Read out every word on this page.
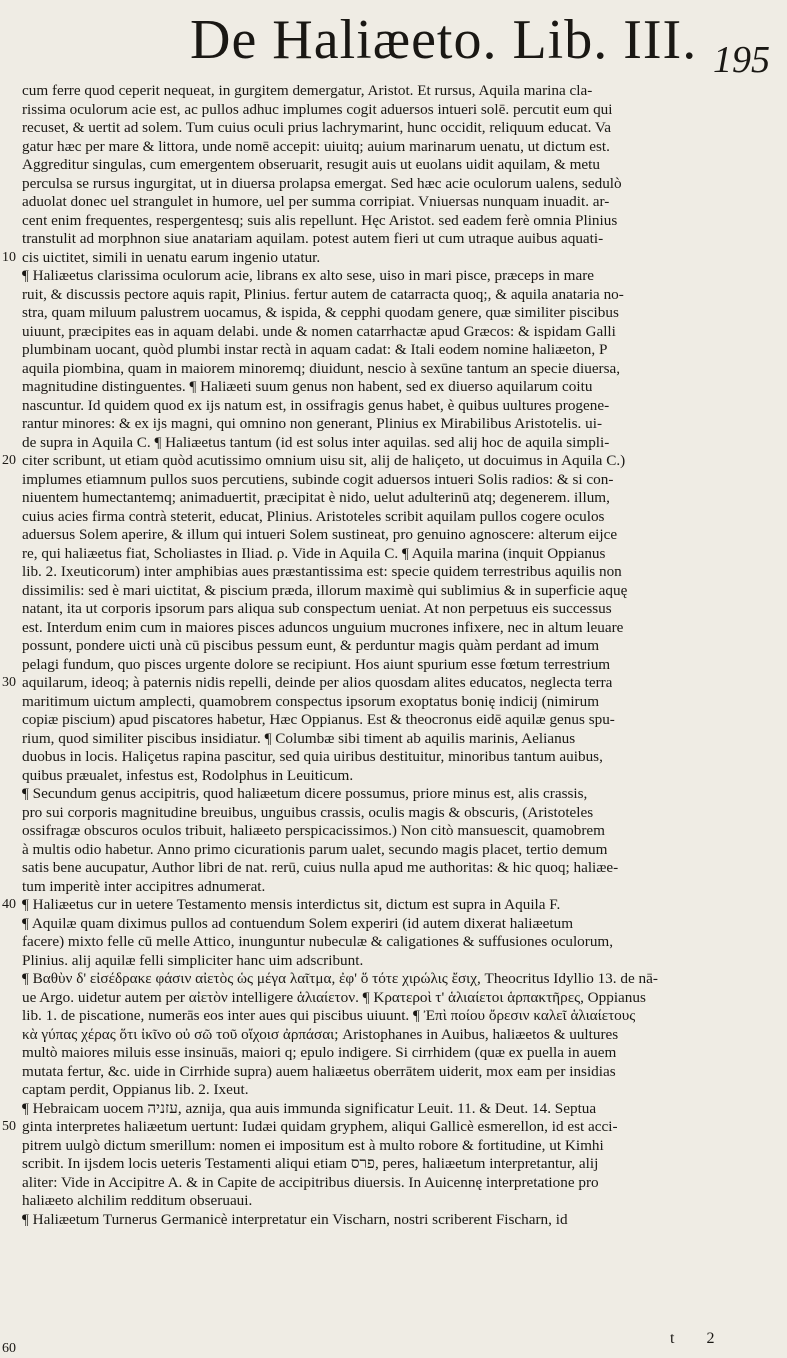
De Haliæeto. Lib. III. 195
cum ferre quod ceperit nequeat, in gurgitem demergatur, Aristot. Et rursus, Aquila marina cla-
rissima oculorum acie est, ac pullos adhuc implumes cogit aduersos intueri solē. percutit eum qui
recuset, & uertit ad solem. Tum cuius oculi prius lachrymarint, hunc occidit, reliquum educat. Va
gatur hæc per mare & littora, unde nomē accepit: uiuitq; auium marinarum uenatu, ut dictum est.
Aggreditur singulas, cum emergentem obseruarit, resugit auis ut euolans uidit aquilam, & metu
perculsa se rursus ingurgitat, ut in diuersa prolapsa emergat. Sed hæc acie oculorum ualens, sedulò
aduolat donec uel strangulet in humore, uel per summa corripiat. Vniuersas nunquam inuadit. ar-
cent enim frequentes, respergentesq; suis alis repellunt. Hęc Aristot. sed eadem ferè omnia Plinius
transtulit ad morphnon siue anatariam aquilam. potest autem fieri ut cum utraque auibus aquati-
cis uictitet, simili in uenatu earum ingenio utatur.
¶ Haliæetus clarissima oculorum acie, librans ex alto sese, uiso in mari pisce, præceps in mare
ruit, & discussis pectore aquis rapit, Plinius. fertur autem de catarracta quoq;, & aquila anataria no-
stra, quam miluum palustrem uocamus, & ispida, & cepphi quodam genere, quæ similiter piscibus
uiuunt, præcipites eas in aquam delabi. unde & nomen catarrhactæ apud Græcos: & ispidam Galli
plumbinam uocant, quòd plumbi instar rectà in aquam cadat: & Itali eodem nomine haliæeton, P
aquila piombina, quam in maiorem minoremq; diuidunt, nescio à sexūne tantum an specie diuersa,
magnitudine distinguentes. ¶ Haliæeti suum genus non habent, sed ex diuerso aquilarum coitu
nascuntur. Id quidem quod ex ijs natum est, in ossifragis genus habet, è quibus uultures progene-
rantur minores: & ex ijs magni, qui omnino non generant, Plinius ex Mirabilibus Aristotelis. ui-
de supra in Aquila C. ¶ Haliæetus tantum (id est solus inter aquilas. sed alij hoc de aquila simpli-
citer scribunt, ut etiam quòd acutissimo omnium uisu sit, alij de haliçeto, ut docuimus in Aquila C.)
implumes etiamnum pullos suos percutiens, subinde cogit aduersos intueri Solis radios: & si con-
niuentem humectantemq; animaduertit, præcipitat è nido, uelut adulterinū atq; degenerem. illum,
cuius acies firma contrà steterit, educat, Plinius. Aristoteles scribit aquilam pullos cogere oculos
aduersus Solem aperire, & illum qui intueri Solem sustineat, pro genuino agnoscere: alterum eijce
re, qui haliæetus fiat, Scholiastes in Iliad. ρ. Vide in Aquila C. ¶ Aquila marina (inquit Oppianus
lib. 2. Ixeuticorum) inter amphibias aues præstantissima est: specie quidem terrestribus aquilis non
dissimilis: sed è mari uictitat, & piscium præda, illorum maximè qui sublimius & in superficie aquę
natant, ita ut corporis ipsorum pars aliqua sub conspectum ueniat. At non perpetuus eis successus
est. Interdum enim cum in maiores pisces aduncos unguium mucrones infixere, nec in altum leuare
possunt, pondere uicti unà cū piscibus pessum eunt, & perduntur magis quàm perdant ad imum
pelagi fundum, quo pisces urgente dolore se recipiunt. Hos aiunt spurium esse fœtum terrestrium
aquilarum, ideoq; à paternis nidis repelli, deinde per alios quosdam alites educatos, neglecta terra
maritimum uictum amplecti, quamobrem conspectus ipsorum exoptatus bonię indicij (nimirum
copiæ piscium) apud piscatores habetur, Hæc Oppianus. Est & theocronus eidē aquilæ genus spu-
rium, quod similiter piscibus insidiatur. ¶ Columbæ sibi timent ab aquilis marinis, Aelianus
duobus in locis. Haliçetus rapina pascitur, sed quia uiribus destituitur, minoribus tantum auibus,
quibus præualet, infestus est, Rodolphus in Leuiticum.
¶ Secundum genus accipitris, quod haliæetum dicere possumus, priore minus est, alis crassis,
pro sui corporis magnitudine breuibus, unguibus crassis, oculis magis & obscuris, (Aristoteles
ossifragæ obscuros oculos tribuit, haliæeto perspicacissimos.) Non citò mansuescit, quamobrem
à multis odio habetur. Anno primo cicurationis parum ualet, secundo magis placet, tertio demum
satis bene aucupatur, Author libri de nat. rerū, cuius nulla apud me authoritas: & hic quoq; haliæe-
tum imperitè inter accipitres adnumerat.
¶ Haliæetus cur in uetere Testamento mensis interdictus sit, dictum est supra in Aquila F.
¶ Aquilæ quam diximus pullos ad contuendum Solem experiri (id autem dixerat haliæetum
facere) mixto felle cū melle Attico, inunguntur nubeculæ & caligationes & suffusiones oculorum,
Plinius. alij aquilæ felli simpliciter hanc uim adscribunt.
¶ Βαθὺν δ' εἰσέδρακε φάσιν αἰετὸς ὡς μέγα λαῖτμα, ἐφ' ὅ τότε χιρώλις ἔσιχ, Theocritus Idyllio 13. de nā-
ue Argo. uidetur autem per αἰετὸν intelligere ἁλιαίετον. ¶ Κρατεροὶ τ' ἁλιαίετοι ἁρπακτῆρες, Oppianus
lib. 1. de piscatione, numerās eos inter aues qui piscibus uiuunt. ¶ Ἐπὶ ποίου ὄρεσιν καλεῖ ἁλιαίετους
κὰ γύπας χέρας ὅτι ἰκῖνο οὐ σῶ τοῦ οἴχοισ ἀρπάσαι; Aristophanes in Auibus, haliæetos & uultures
multò maiores miluis esse insinuās, maiori q; epulo indigere. Si cirrhidem (quæ ex puella in auem
mutata fertur, &c. uide in Cirrhide supra) auem haliæetus oberrātem uiderit, mox eam per insidias
captam perdit, Oppianus lib. 2. Ixeut.
¶ Hebraicam uocem עזניה, aznija, qua auis immunda significatur Leuit. 11. & Deut. 14. Septua
ginta interpretes haliæetum uertunt: Iudæi quidam gryphem, aliqui Gallicè esmerellon, id est acci-
pitrem uulgò dictum smerillum: nomen ei impositum est à multo robore & fortitudine, ut Kimhi
scribit. In ijsdem locis ueteris Testamenti aliqui etiam פרס, peres, haliæetum interpretantur, alij
aliter: Vide in Accipitre A. & in Capite de accipitribus diuersis. In Auicennę interpretatione pro
haliæeto alchilim redditum obseruaui.
¶ Haliæetum Turnerus Germanicè interpretatur ein Vischarn, nostri scriberent Fischarn, id
10
20
30
40
50
60
t 2
